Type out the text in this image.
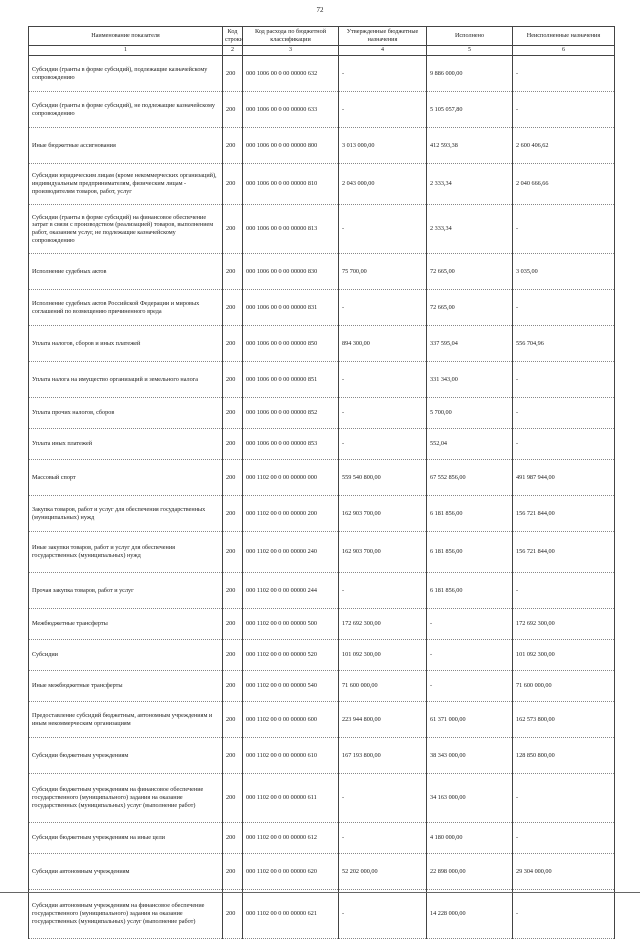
72
Наименование показателя	Код строки	Код расхода по бюджетной классификации	Утвержденные бюджетные назначения	Исполнено	Неисполненные назначения
1	2	3	4	5	6
Субсидии (гранты в форме субсидий), подлежащие казначейскому сопровождению	200	000 1006 00 0 00 00000 632	-	9 886 000,00	-
Субсидии (гранты в форме субсидий), не подлежащие казначейскому сопровождению	200	000 1006 00 0 00 00000 633	-	5 105 057,80	-
Иные бюджетные ассигнования	200	000 1006 00 0 00 00000 800	3 013 000,00	412 593,38	2 600 406,62
Субсидии юридическим лицам (кроме некоммерческих организаций), индивидуальным предпринимателям, физическим лицам - производителям товаров, работ, услуг	200	000 1006 00 0 00 00000 810	2 043 000,00	2 333,34	2 040 666,66
Субсидии (гранты в форме субсидий) на финансовое обеспечение затрат в связи с производством (реализацией) товаров, выполнением работ, оказанием услуг, не подлежащие казначейскому сопровождению	200	000 1006 00 0 00 00000 813	-	2 333,34	-
Исполнение судебных актов	200	000 1006 00 0 00 00000 830	75 700,00	72 665,00	3 035,00
Исполнение судебных актов Российской Федерации и мировых соглашений по возмещению причиненного вреда	200	000 1006 00 0 00 00000 831	-	72 665,00	-
Уплата налогов, сборов и иных платежей	200	000 1006 00 0 00 00000 850	894 300,00	337 595,04	556 704,96
Уплата налога на имущество организаций и земельного налога	200	000 1006 00 0 00 00000 851	-	331 343,00	-
Уплата прочих налогов, сборов	200	000 1006 00 0 00 00000 852	-	5 700,00	-
Уплата иных платежей	200	000 1006 00 0 00 00000 853	-	552,04	-
Массовый спорт	200	000 1102 00 0 00 00000 000	559 540 800,00	67 552 856,00	491 987 944,00
Закупка товаров, работ и услуг для обеспечения государственных (муниципальных) нужд	200	000 1102 00 0 00 00000 200	162 903 700,00	6 181 856,00	156 721 844,00
Иные закупки товаров, работ и услуг для обеспечения государственных (муниципальных) нужд	200	000 1102 00 0 00 00000 240	162 903 700,00	6 181 856,00	156 721 844,00
Прочая закупка товаров, работ и услуг	200	000 1102 00 0 00 00000 244	-	6 181 856,00	-
Межбюджетные трансферты	200	000 1102 00 0 00 00000 500	172 692 300,00	-	172 692 300,00
Субсидии	200	000 1102 00 0 00 00000 520	101 092 300,00	-	101 092 300,00
Иные межбюджетные трансферты	200	000 1102 00 0 00 00000 540	71 600 000,00	-	71 600 000,00
Предоставление субсидий бюджетным, автономным учреждениям и иным некоммерческим организациям	200	000 1102 00 0 00 00000 600	223 944 800,00	61 371 000,00	162 573 800,00
Субсидии бюджетным учреждениям	200	000 1102 00 0 00 00000 610	167 193 800,00	38 343 000,00	128 850 800,00
Субсидии бюджетным учреждениям на финансовое обеспечение государственного (муниципального) задания на оказание государственных (муниципальных) услуг (выполнение работ)	200	000 1102 00 0 00 00000 611	-	34 163 000,00	-
Субсидии бюджетным учреждениям на иные цели	200	000 1102 00 0 00 00000 612	-	4 180 000,00	-
Субсидии автономным учреждениям	200	000 1102 00 0 00 00000 620	52 202 000,00	22 898 000,00	29 304 000,00
Субсидии автономным учреждениям на финансовое обеспечение государственного (муниципального) задания на оказание государственных (муниципальных) услуг (выполнение работ)	200	000 1102 00 0 00 00000 621	-	14 228 000,00	-
